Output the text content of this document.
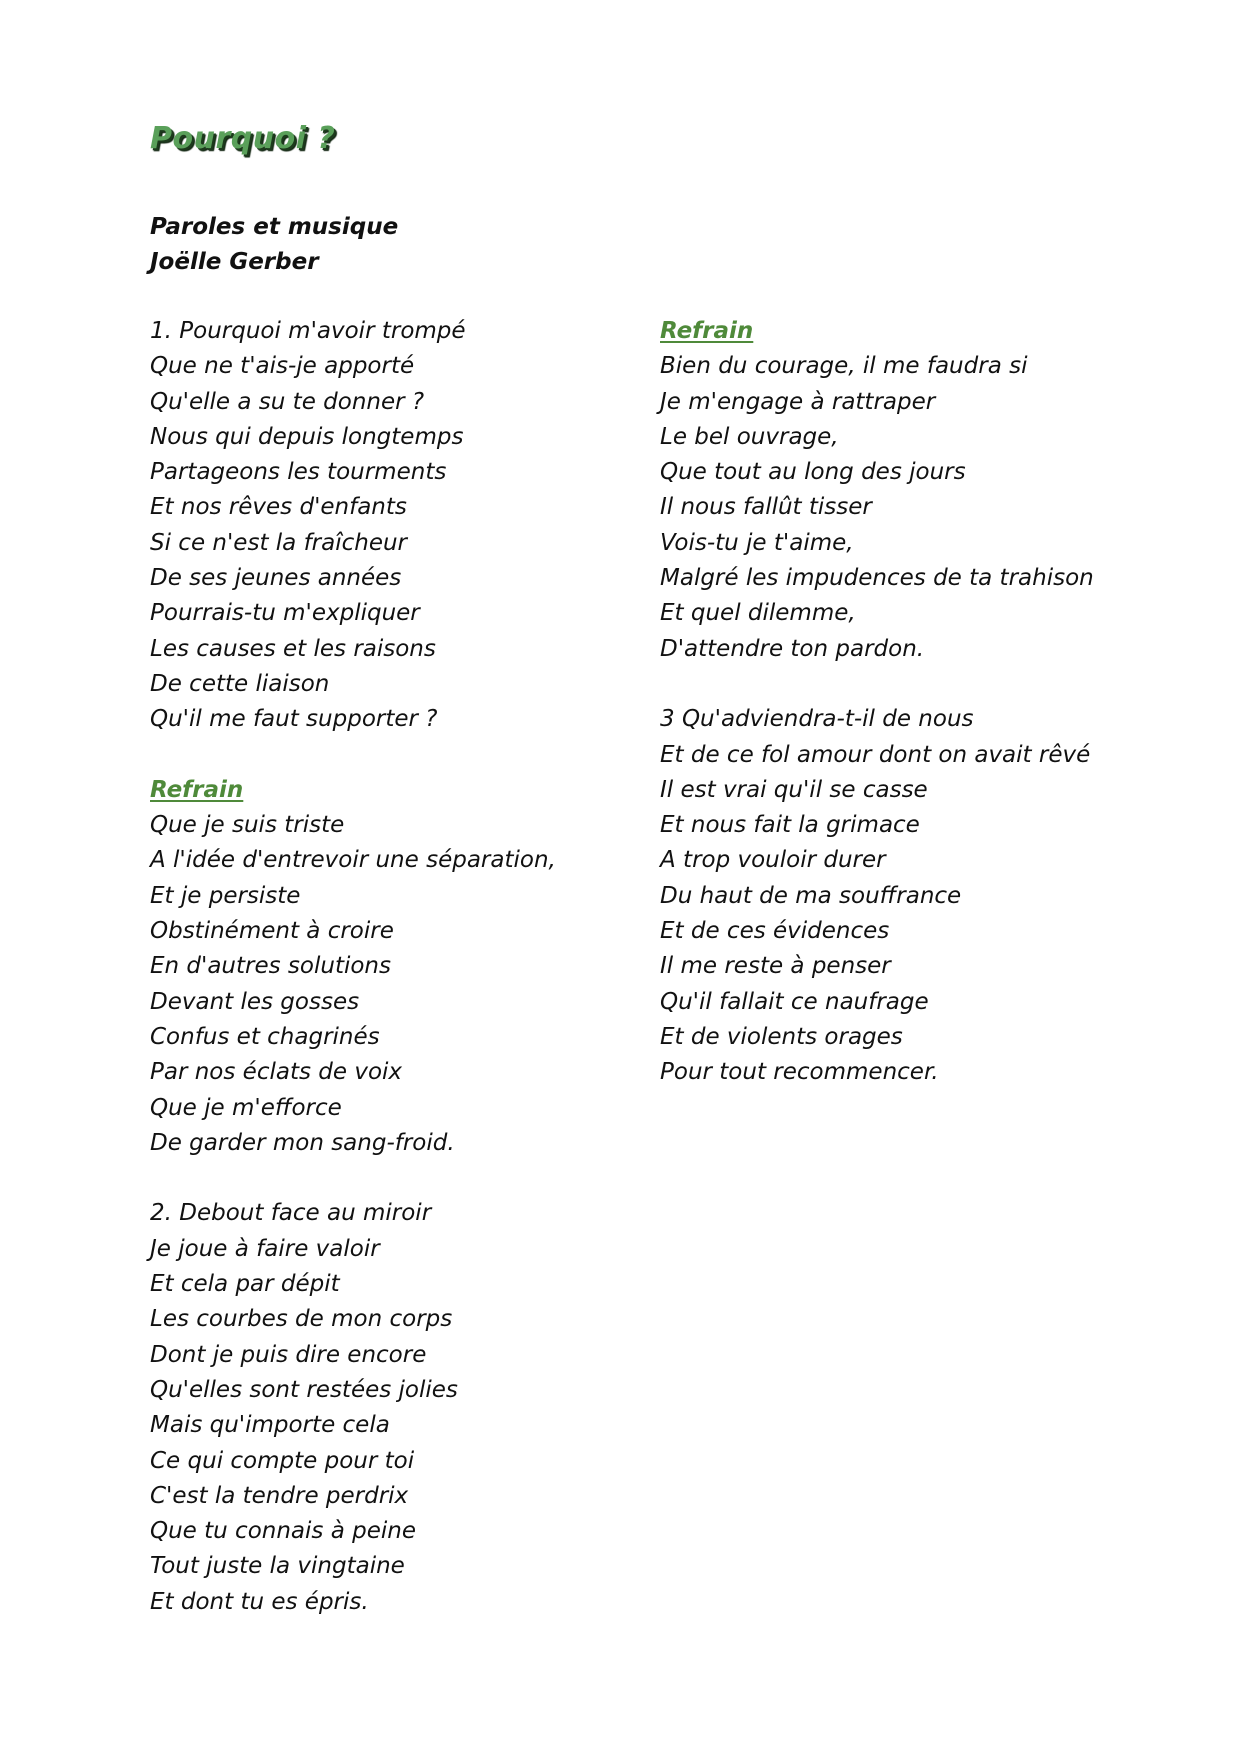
Pourquoi ?
Paroles et musique
Joëlle Gerber
1. Pourquoi m'avoir trompé
Que ne t'ais-je apporté
Qu'elle a su te donner ?
Nous qui depuis longtemps
Partageons les tourments
Et nos rêves d'enfants
Si ce n'est la fraîcheur
De ses jeunes années
Pourrais-tu m'expliquer
Les causes et les raisons
De cette liaison
Qu'il me faut supporter ?
Refrain
Que je suis triste
A l'idée d'entrevoir une séparation,
Et je persiste
Obstinément à croire
En d'autres solutions
Devant les gosses
Confus et chagrinés
Par nos éclats de voix
Que je m'efforce
De garder mon sang-froid.
2. Debout face au miroir
Je joue à faire valoir
Et cela par dépit
Les courbes de mon corps
Dont je puis dire encore
Qu'elles sont restées jolies
Mais qu'importe cela
Ce qui compte pour toi
C'est la tendre perdrix
Que tu connais à peine
Tout juste la vingtaine
Et dont tu es épris.
Refrain
Bien du courage, il me faudra si
Je m'engage à rattraper
Le bel ouvrage,
Que tout au long des jours
Il nous fallût tisser
Vois-tu je t'aime,
Malgré les impudences de ta trahison
Et quel dilemme,
D'attendre ton pardon.
3 Qu'adviendra-t-il de nous
Et de ce fol amour dont on avait rêvé
Il est vrai qu'il se casse
Et nous fait la grimace
A trop vouloir durer
Du haut de ma souffrance
Et de ces évidences
Il me reste à penser
Qu'il fallait ce naufrage
Et de violents orages
Pour tout recommencer.
